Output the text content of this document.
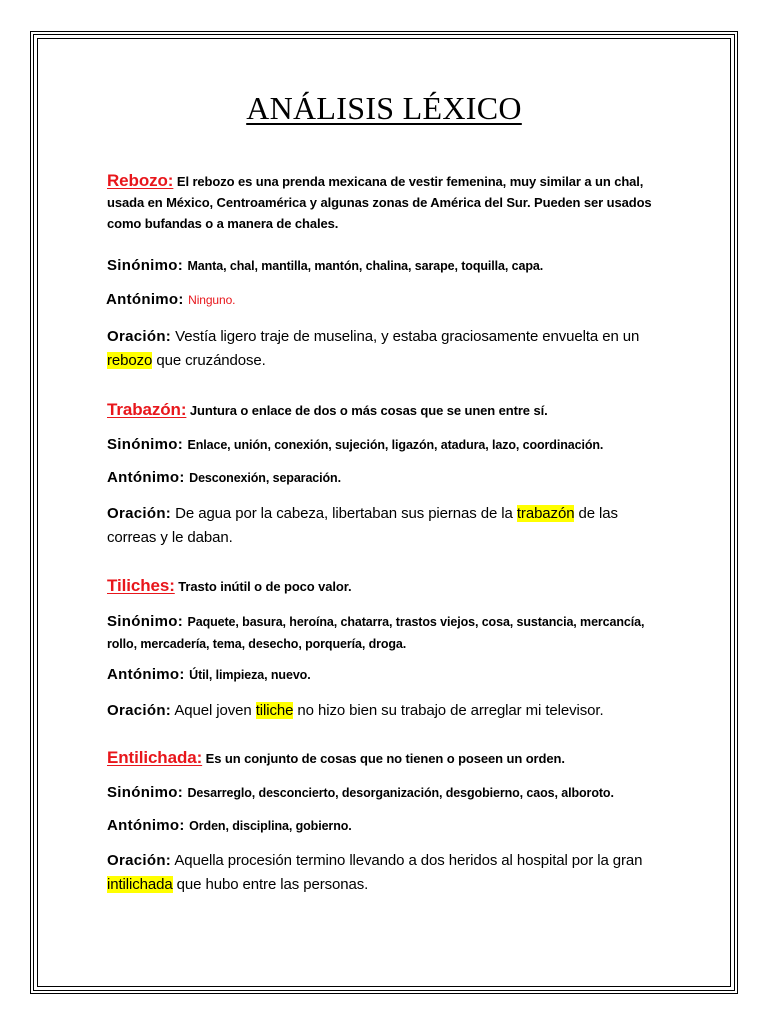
ANÁLISIS LÉXICO
Rebozo: El rebozo es una prenda mexicana de vestir femenina, muy similar a un chal, usada en México, Centroamérica y algunas zonas de América del Sur. Pueden ser usados como bufandas o a manera de chales.
Sinónimo: Manta, chal, mantilla, mantón, chalina, sarape, toquilla, capa.
Antónimo: Ninguno.
Oración: Vestía ligero traje de muselina, y estaba graciosamente envuelta en un rebozo que cruzándose.
Trabazón: Juntura o enlace de dos o más cosas que se unen entre sí.
Sinónimo: Enlace, unión, conexión, sujeción, ligazón, atadura, lazo, coordinación.
Antónimo: Desconexión, separación.
Oración: De agua por la cabeza, libertaban sus piernas de la trabazón de las correas y le daban.
Tiliches: Trasto inútil o de poco valor.
Sinónimo: Paquete, basura, heroína, chatarra, trastos viejos, cosa, sustancia, mercancía, rollo, mercadería, tema, desecho, porquería, droga.
Antónimo: Útil, limpieza, nuevo.
Oración: Aquel joven tiliche no hizo bien su trabajo de arreglar mi televisor.
Entilichada: Es un conjunto de cosas que no tienen o poseen un orden.
Sinónimo: Desarreglo, desconcierto, desorganización, desgobierno, caos, alboroto.
Antónimo: Orden, disciplina, gobierno.
Oración: Aquella procesión termino llevando a dos heridos al hospital por la gran intilichada que hubo entre las personas.
